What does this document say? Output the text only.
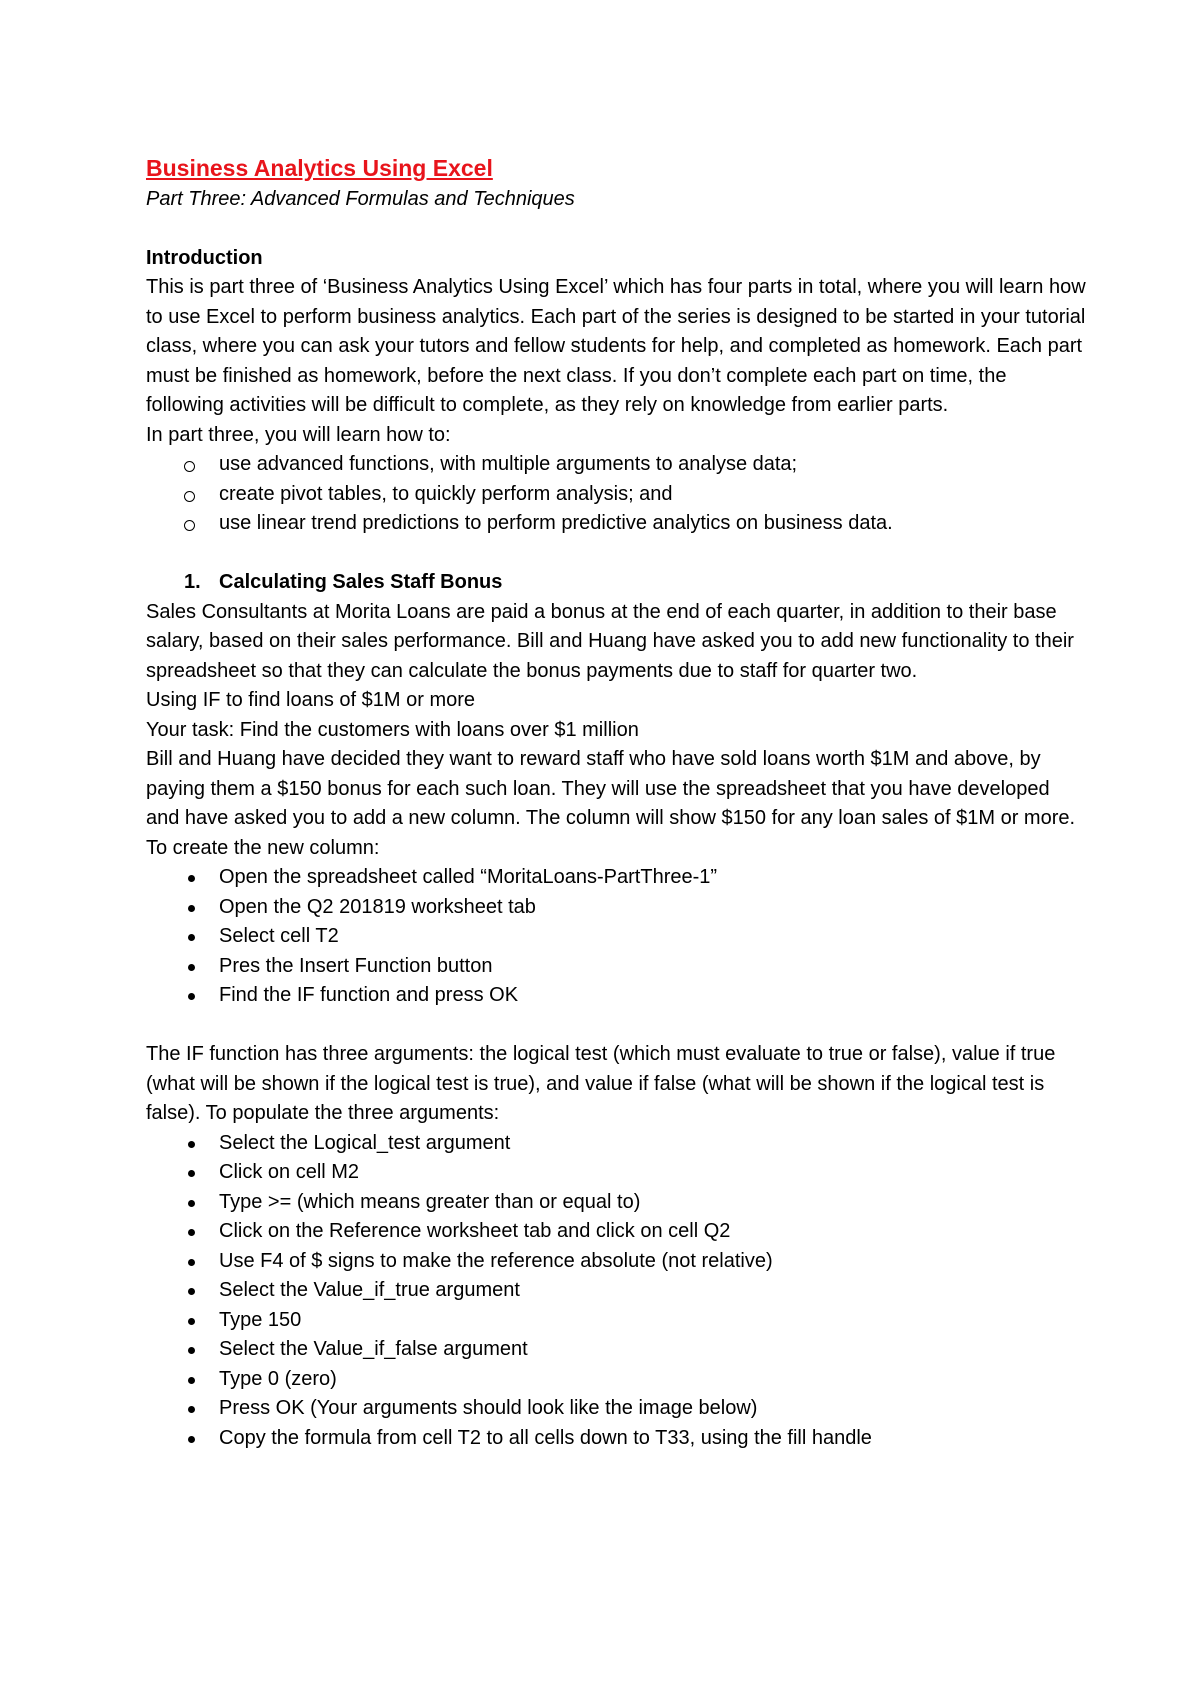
Business Analytics Using Excel

Part Three: Advanced Formulas and Techniques

Introduction

This is part three of ‘Business Analytics Using Excel’ which has four parts in total, where you will learn how to use Excel to perform business analytics. Each part of the series is designed to be started in your tutorial class, where you can ask your tutors and fellow students for help, and completed as homework. Each part must be finished as homework, before the next class. If you don’t complete each part on time, the following activities will be difficult to complete, as they rely on knowledge from earlier parts.

In part three, you will learn how to:

use advanced functions, with multiple arguments to analyse data;
create pivot tables, to quickly perform analysis; and
use linear trend predictions to perform predictive analytics on business data.
1. Calculating Sales Staff Bonus

Sales Consultants at Morita Loans are paid a bonus at the end of each quarter, in addition to their base salary, based on their sales performance. Bill and Huang have asked you to add new functionality to their spreadsheet so that they can calculate the bonus payments due to staff for quarter two.

Using IF to find loans of $1M or more

Your task: Find the customers with loans over $1 million

Bill and Huang have decided they want to reward staff who have sold loans worth $1M and above, by paying them a $150 bonus for each such loan. They will use the spreadsheet that you have developed and have asked you to add a new column. The column will show $150 for any loan sales of $1M or more.

To create the new column:

Open the spreadsheet called “MoritaLoans-PartThree-1”
Open the Q2 201819 worksheet tab
Select cell T2
Pres the Insert Function button
Find the IF function and press OK

The IF function has three arguments: the logical test (which must evaluate to true or false), value if true (what will be shown if the logical test is true), and value if false (what will be shown if the logical test is false). To populate the three arguments:

Select the Logical_test argument
Click on cell M2
Type >= (which means greater than or equal to)
Click on the Reference worksheet tab and click on cell Q2
Use F4 of $ signs to make the reference absolute (not relative)
Select the Value_if_true argument
Type 150
Select the Value_if_false argument
Type 0 (zero)
Press OK (Your arguments should look like the image below)
Copy the formula from cell T2 to all cells down to T33, using the fill handle
